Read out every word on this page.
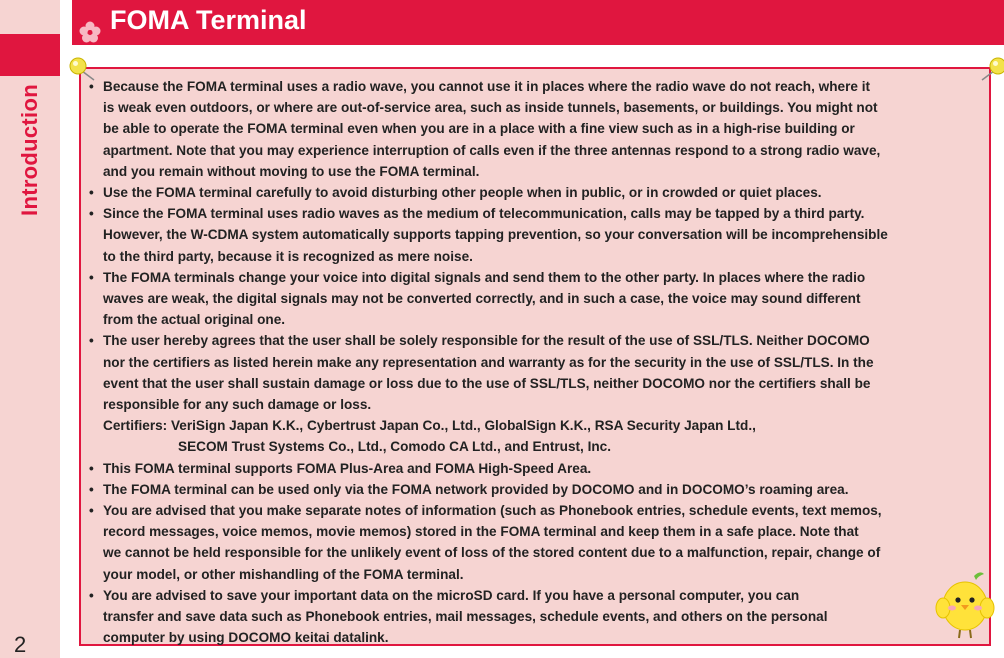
Introduction
2
FOMA Terminal
• Because the FOMA terminal uses a radio wave, you cannot use it in places where the radio wave do not reach, where it
is weak even outdoors, or where are out-of-service area, such as inside tunnels, basements, or buildings. You might not
be able to operate the FOMA terminal even when you are in a place with a fine view such as in a high-rise building or
apartment. Note that you may experience interruption of calls even if the three antennas respond to a strong radio wave,
and you remain without moving to use the FOMA terminal.
• Use the FOMA terminal carefully to avoid disturbing other people when in public, or in crowded or quiet places.
• Since the FOMA terminal uses radio waves as the medium of telecommunication, calls may be tapped by a third party.
However, the W-CDMA system automatically supports tapping prevention, so your conversation will be incomprehensible
to the third party, because it is recognized as mere noise.
• The FOMA terminals change your voice into digital signals and send them to the other party. In places where the radio
waves are weak, the digital signals may not be converted correctly, and in such a case, the voice may sound different
from the actual original one.
• The user hereby agrees that the user shall be solely responsible for the result of the use of SSL/TLS. Neither DOCOMO
nor the certifiers as listed herein make any representation and warranty as for the security in the use of SSL/TLS. In the
event that the user shall sustain damage or loss due to the use of SSL/TLS, neither DOCOMO nor the certifiers shall be
responsible for any such damage or loss.
Certifiers: VeriSign Japan K.K., Cybertrust Japan Co., Ltd., GlobalSign K.K., RSA Security Japan Ltd.,
SECOM Trust Systems Co., Ltd., Comodo CA Ltd., and Entrust, Inc.
• This FOMA terminal supports FOMA Plus-Area and FOMA High-Speed Area.
• The FOMA terminal can be used only via the FOMA network provided by DOCOMO and in DOCOMO’s roaming area.
• You are advised that you make separate notes of information (such as Phonebook entries, schedule events, text memos,
record messages, voice memos, movie memos) stored in the FOMA terminal and keep them in a safe place. Note that
we cannot be held responsible for the unlikely event of loss of the stored content due to a malfunction, repair, change of
your model, or other mishandling of the FOMA terminal.
• You are advised to save your important data on the microSD card. If you have a personal computer, you can
transfer and save data such as Phonebook entries, mail messages, schedule events, and others on the personal
computer by using DOCOMO keitai datalink.
